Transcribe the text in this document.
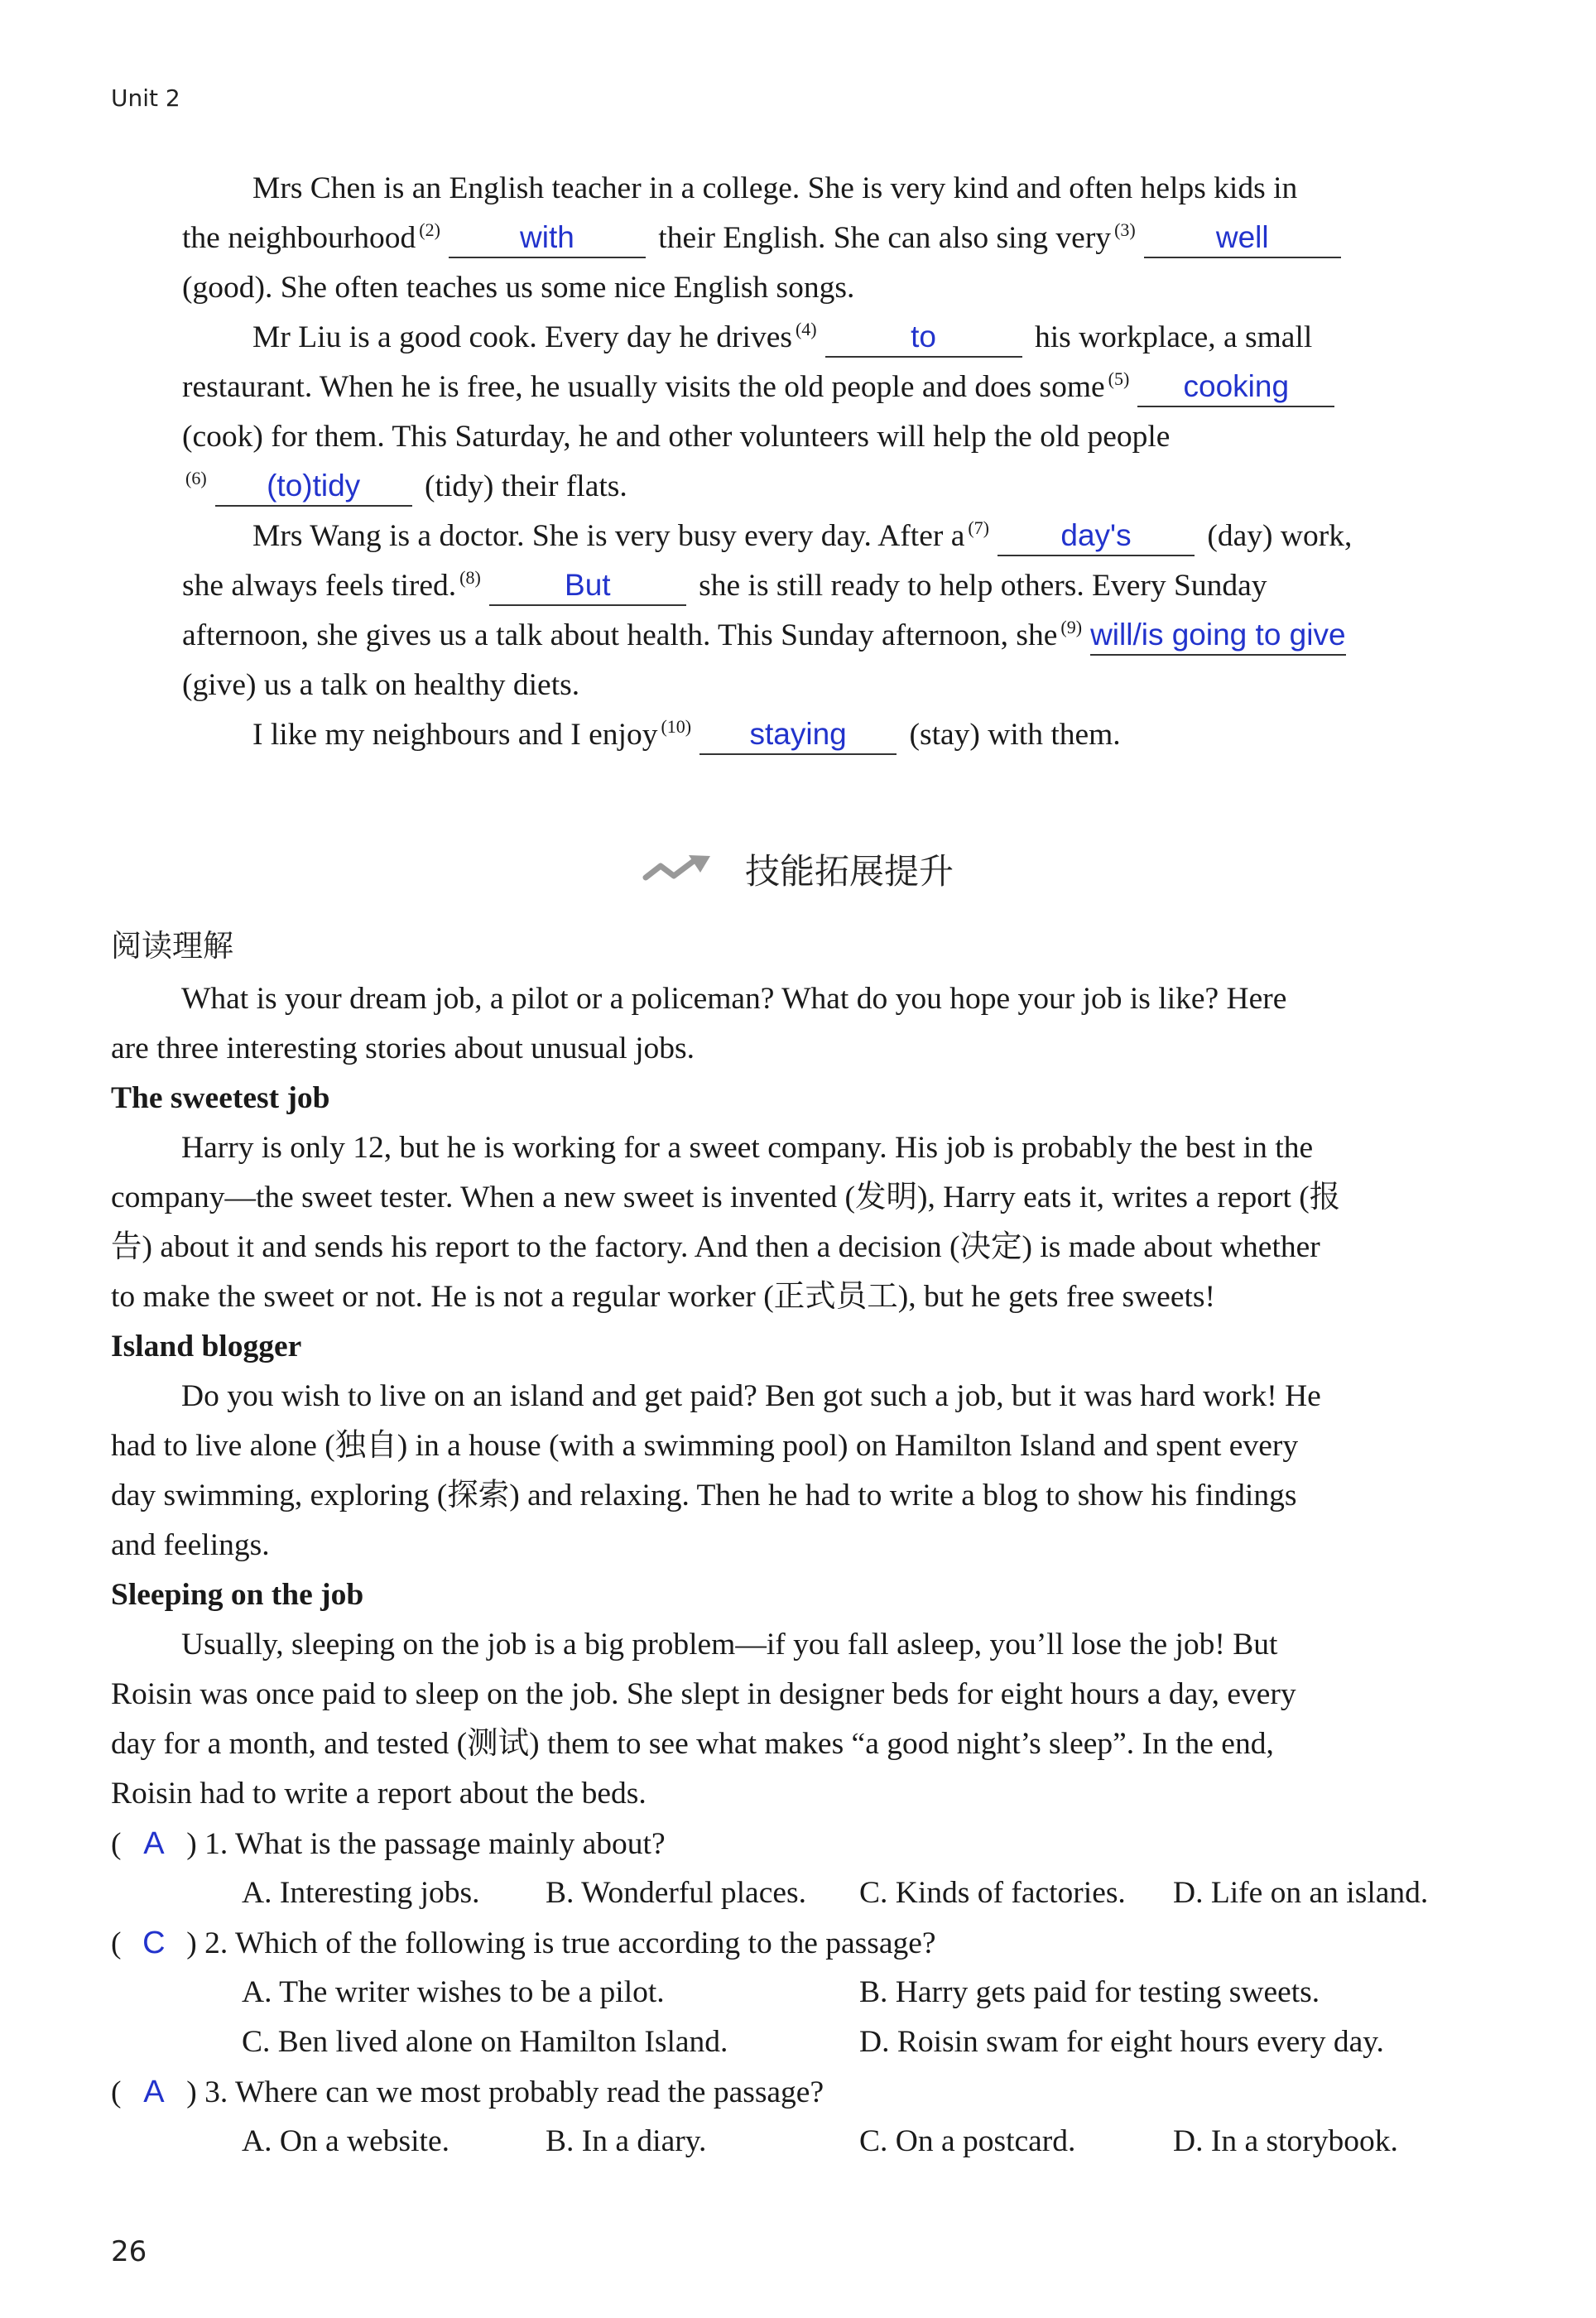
Unit 2
Mrs Chen is an English teacher in a college. She is very kind and often helps kids in
the neighbourhood $^{(2)}$	with	their English. She can also sing very $^{(3)}$	well
(good). She often teaches us some nice English songs.
Mr Liu is a good cook. Every day he drives $^{(4)}$	to	his workplace, a small
restaurant. When he is free, he usually visits the old people and does some $^{(5)}$ cooking
(cook) for them. This Saturday, he and other volunteers will help the old people
$^{(6)}$ (to)tidy (tidy) their flats.
Mrs Wang is a doctor. She is very busy every day. After a $^{(7)}$ day's (day) work,
she always feels tired. $^{(8)}$	But	she is still ready to help others. Every Sunday
afternoon, she gives us a talk about health. This Sunday afternoon, she $^{(9)}$ will/is going to give
(give) us a talk on healthy diets.
I like my neighbours and I enjoy $^{(10)}$ staying (stay) with them.
技能拓展提升
阅读理解
What is your dream job, a pilot or a policeman? What do you hope your job is like? Here
are three interesting stories about unusual jobs.
The sweetest job
Harry is only 12, but he is working for a sweet company. His job is probably the best in the
company—the sweet tester. When a new sweet is invented (发明), Harry eats it, writes a report (报
告) about it and sends his report to the factory. And then a decision (决定) is made about whether
to make the sweet or not. He is not a regular worker (正式员工), but he gets free sweets!
Island blogger
Do you wish to live on an island and get paid? Ben got such a job, but it was hard work! He
had to live alone (独自) in a house (with a swimming pool) on Hamilton Island and spent every
day swimming, exploring (探索) and relaxing. Then he had to write a blog to show his findings
and feelings.
Sleeping on the job
Usually, sleeping on the job is a big problem—if you fall asleep, you’ll lose the job! But
Roisin was once paid to sleep on the job. She slept in designer beds for eight hours a day, every
day for a month, and tested (测试) them to see what makes “a good night’s sleep”. In the end,
Roisin had to write a report about the beds.
( A ) 1. What is the passage mainly about?
A. Interesting jobs. B. Wonderful places. C. Kinds of factories. D. Life on an island.
( C ) 2. Which of the following is true according to the passage?
A. The writer wishes to be a pilot.	B. Harry gets paid for testing sweets.
C. Ben lived alone on Hamilton Island.	D. Roisin swam for eight hours every day.
( A ) 3. Where can we most probably read the passage?
A. On a website.	B. In a diary.	C. On a postcard.	D. In a storybook.
26
